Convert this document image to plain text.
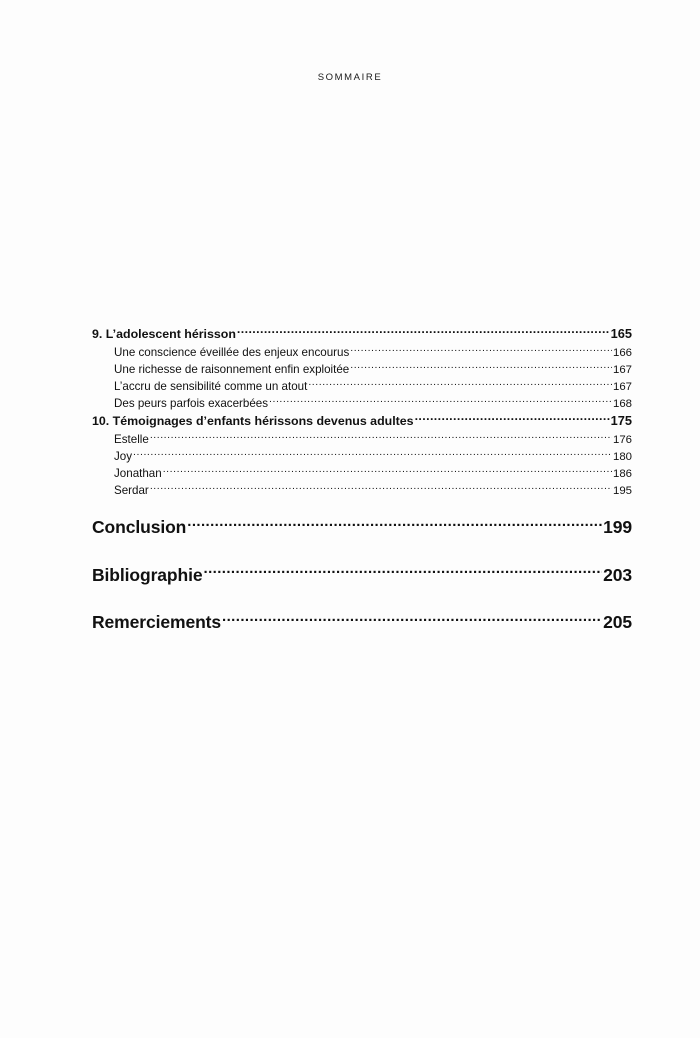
SOMMAIRE
9. L’adolescent hérisson .....	165
Une conscience éveillée des enjeux encourus .....	166
Une richesse de raisonnement enfin exploitée .....	167
L’accru de sensibilité comme un atout .....	167
Des peurs parfois exacerbées .....	168
10. Témoignages d’enfants hérissons devenus adultes .....	175
Estelle .....	176
Joy .....	180
Jonathan .....	186
Serdar .....	195
Conclusion .....	199
Bibliographie .....	203
Remerciements .....	205
